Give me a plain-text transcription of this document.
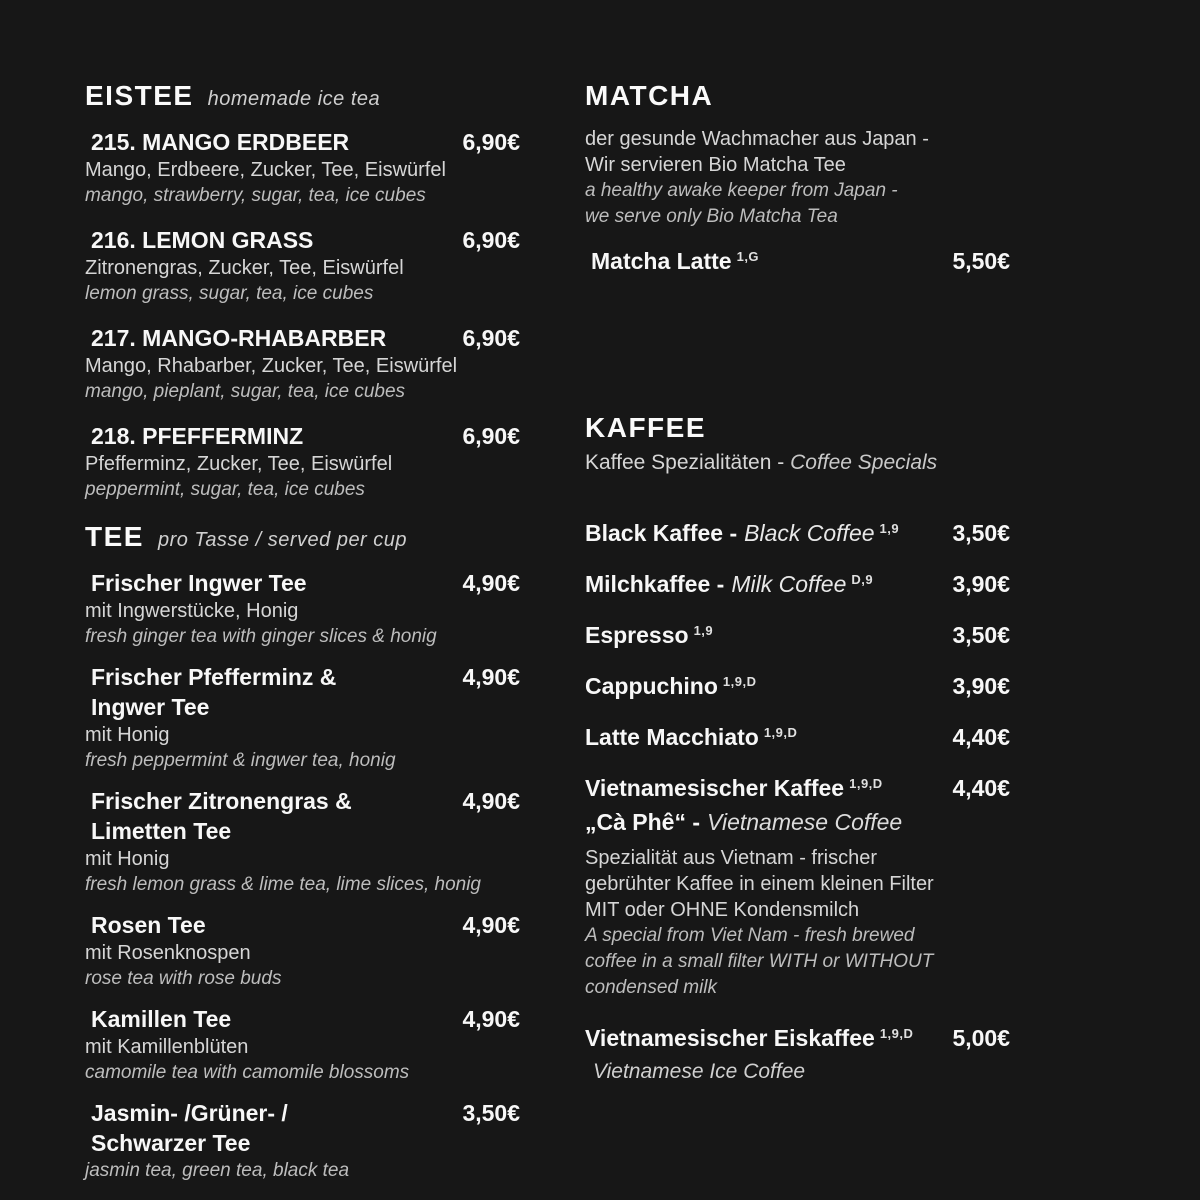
EISTEE homemade ice tea
215. MANGO ERDBEER	6,90€
Mango, Erdbeere, Zucker, Tee, Eiswürfel
mango, strawberry, sugar, tea, ice cubes
216. LEMON GRASS	6,90€
Zitronengras, Zucker, Tee, Eiswürfel
lemon grass, sugar, tea, ice cubes
217. MANGO-RHABARBER	6,90€
Mango, Rhabarber, Zucker, Tee, Eiswürfel
mango, pieplant, sugar, tea, ice cubes
218. PFEFFERMINZ	6,90€
Pfefferminz, Zucker, Tee, Eiswürfel
peppermint, sugar, tea, ice cubes
TEE pro Tasse / served per cup
Frischer Ingwer Tee	4,90€
mit Ingwerstücke, Honig
fresh ginger tea with ginger slices & honig
Frischer Pfefferminz &	4,90€
Ingwer Tee
mit Honig
fresh peppermint & ingwer tea, honig
Frischer Zitronengras &	4,90€
Limetten Tee
mit Honig
fresh lemon grass & lime tea, lime slices, honig
Rosen Tee	4,90€
mit Rosenknospen
rose tea with rose buds
Kamillen Tee	4,90€
mit Kamillenblüten
camomile tea with camomile blossoms
Jasmin- /Grüner- /	3,50€
Schwarzer Tee
jasmin tea, green tea, black tea
MATCHA
der gesunde Wachmacher aus Japan -
Wir servieren Bio Matcha Tee
a healthy awake keeper from Japan -
we serve only Bio Matcha Tea
Matcha Latte $^{1,G}$	5,50€
KAFFEE
Kaffee Spezialitäten - Coffee Specials
Black Kaffee - Black Coffee $^{1,9}$ 3,50€
Milchkaffee - Milk Coffee $^{D,9}$	3,90€
Espresso $^{1,9}$	3,50€
Cappuchino $^{1,9,D}$	3,90€
Latte Macchiato $^{1,9,D}$	4,40€
Vietnamesischer Kaffee $^{1,9,D}$	4,40€
„Cà Phê“ - Vietnamese Coffee
Spezialität aus Vietnam - frischer
gebrühter Kaffee in einem kleinen Filter
MIT oder OHNE Kondensmilch
A special from Viet Nam - fresh brewed
coffee in a small filter WITH or WITHOUT
condensed milk
Vietnamesischer Eiskaffee $^{1,9,D}$ 5,00€
Vietnamese Ice Coffee
